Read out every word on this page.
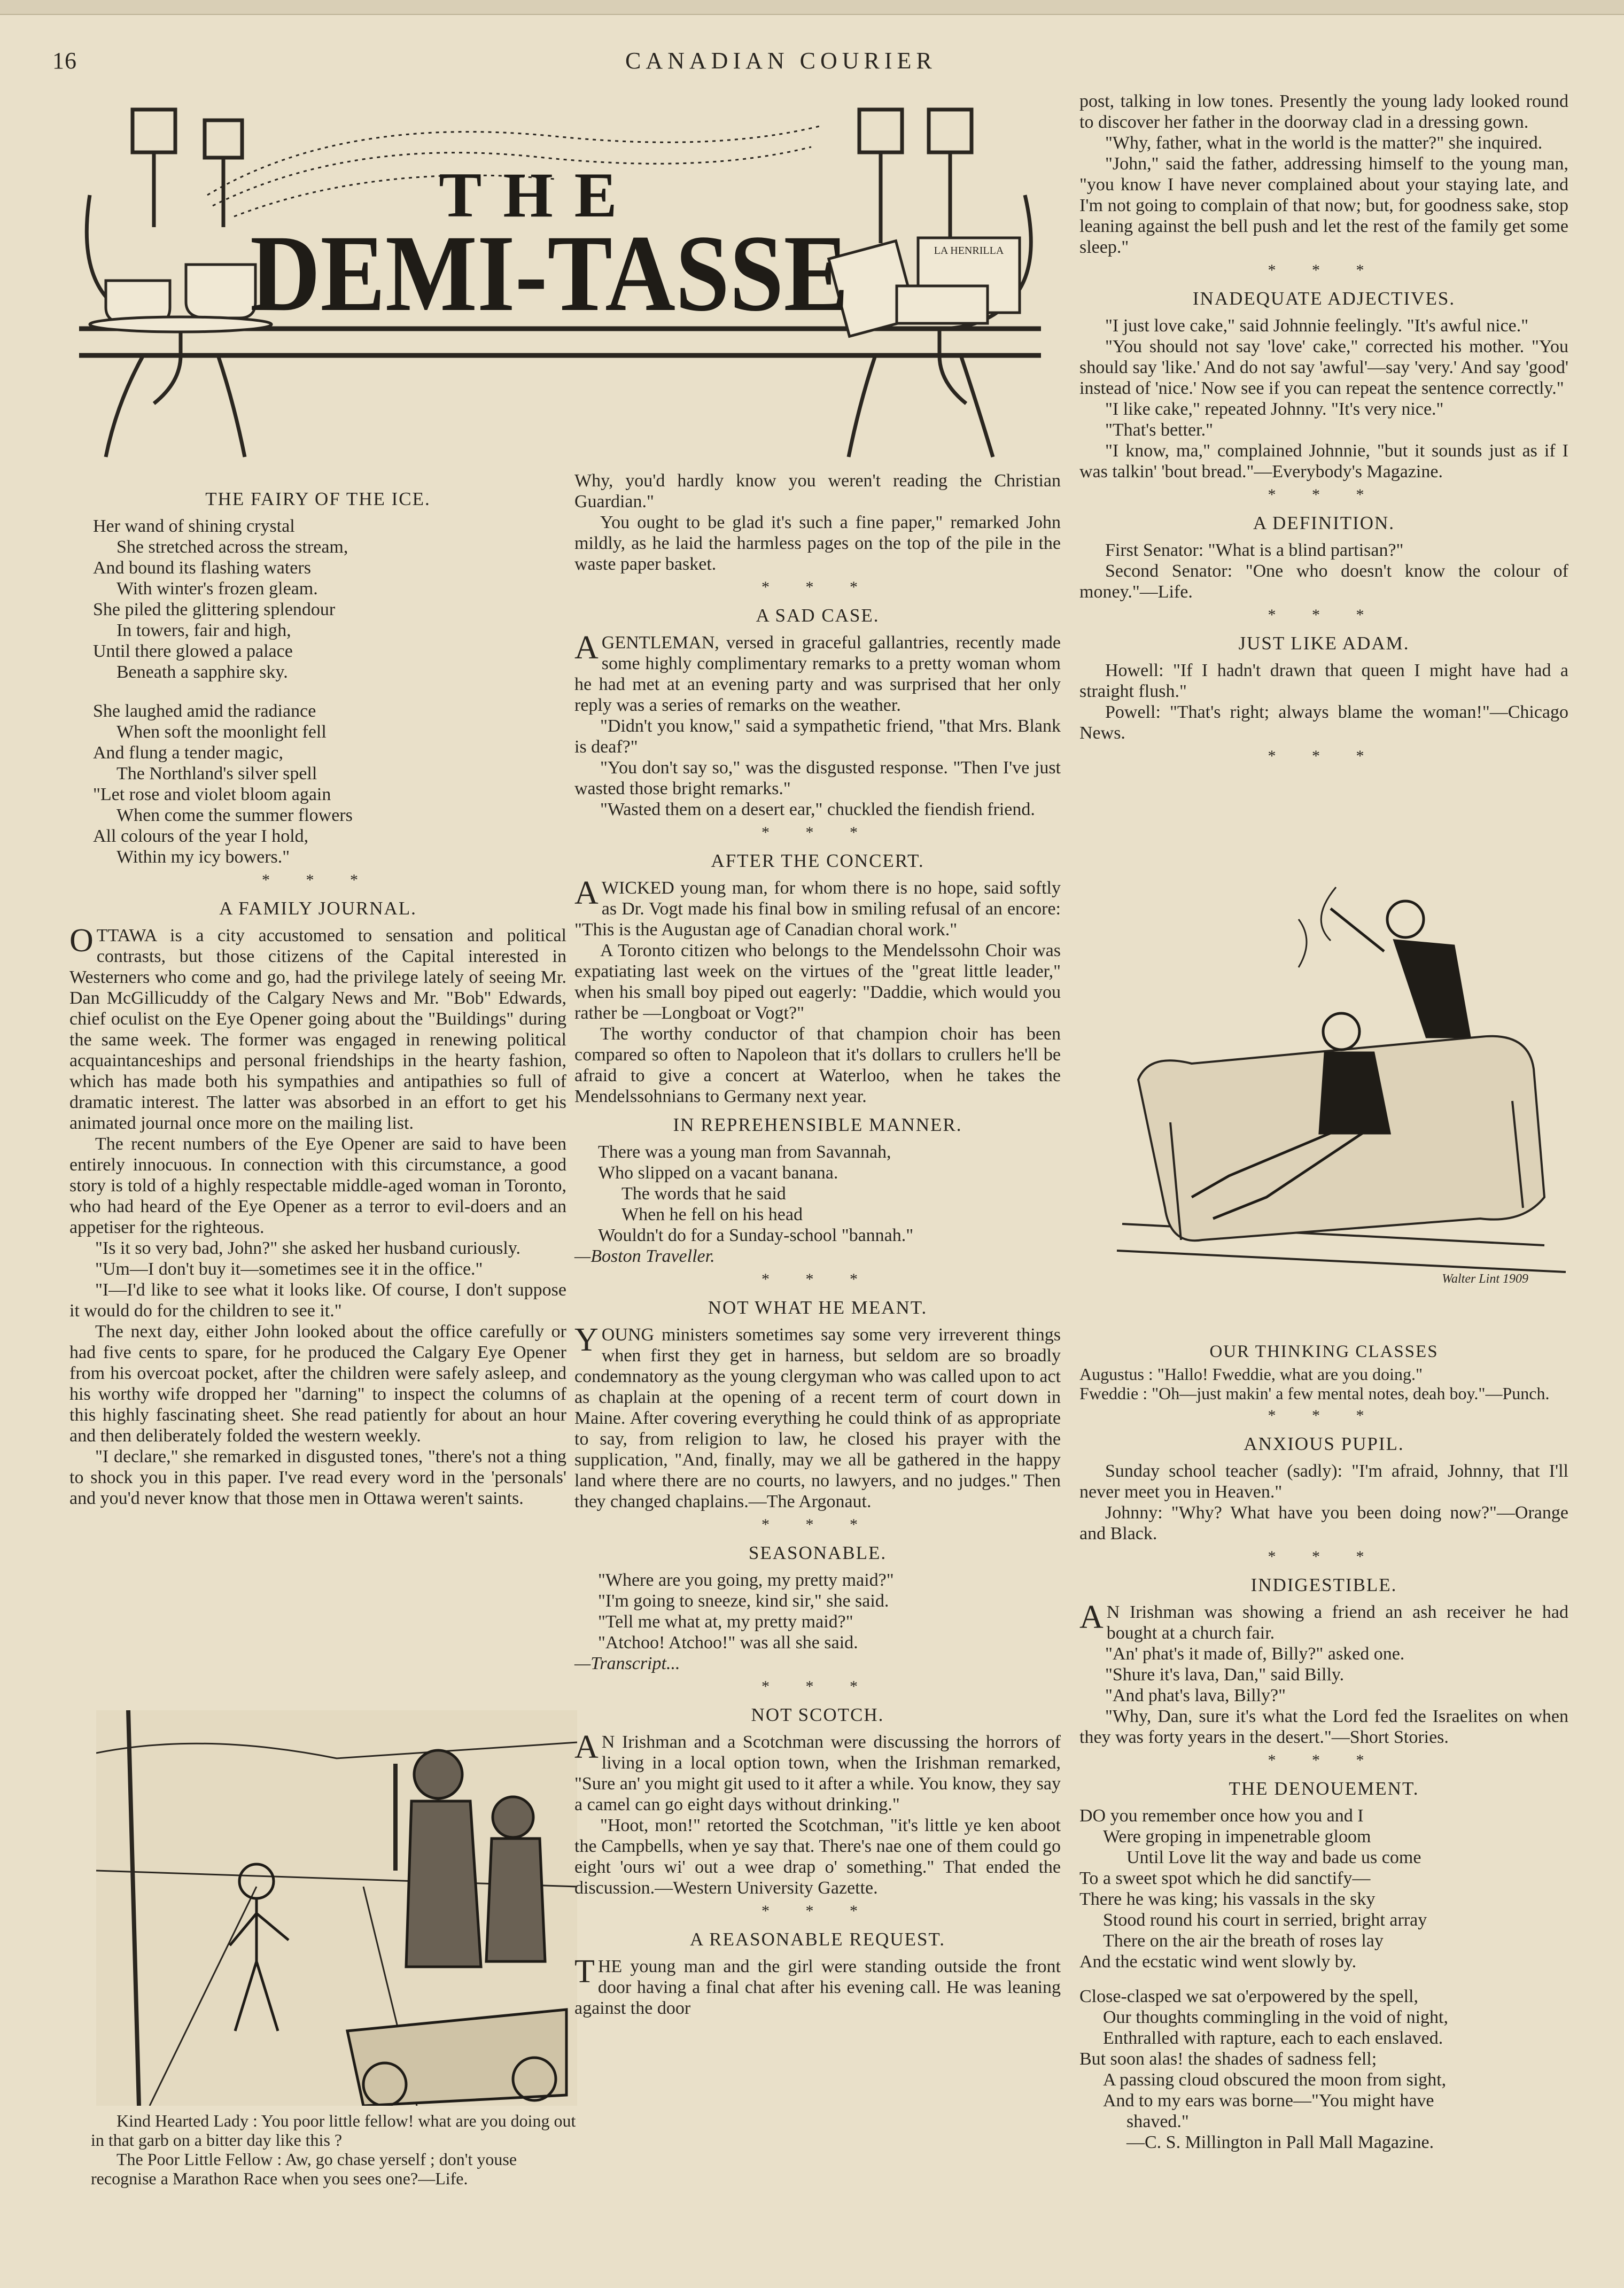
16	CANADIAN COURIER
LA HENRILLA
THE
DEMI-TASSE
THE FAIRY OF THE ICE.

Her wand of shining crystal

She stretched across the stream,

And bound its flashing waters

With winter's frozen gleam.

She piled the glittering splendour

In towers, fair and high,

Until there glowed a palace

Beneath a sapphire sky.

She laughed amid the radiance

When soft the moonlight fell

And flung a tender magic,

The Northland's silver spell

"Let rose and violet bloom again

When come the summer flowers

All colours of the year I hold,

Within my icy bowers."

* * *
A FAMILY JOURNAL.

OTTAWA is a city accustomed to sensation and political contrasts, but those citizens of the Capital interested in Westerners who come and go, had the privilege lately of seeing Mr. Dan McGillicuddy of the Calgary News and Mr. "Bob" Edwards, chief oculist on the Eye Opener going about the "Buildings" during the same week. The former was engaged in renewing political acquaintanceships and personal friendships in the hearty fashion, which has made both his sympathies and antipathies so full of dramatic interest. The latter was absorbed in an effort to get his animated journal once more on the mailing list.

The recent numbers of the Eye Opener are said to have been entirely innocuous. In connection with this circumstance, a good story is told of a highly respectable middle-aged woman in Toronto, who had heard of the Eye Opener as a terror to evil-doers and an appetiser for the righteous.

"Is it so very bad, John?" she asked her husband curiously.

"Um—I don't buy it—sometimes see it in the office."

"I—I'd like to see what it looks like. Of course, I don't suppose it would do for the children to see it."

The next day, either John looked about the office carefully or had five cents to spare, for he produced the Calgary Eye Opener from his overcoat pocket, after the children were safely asleep, and his worthy wife dropped her "darning" to inspect the columns of this highly fascinating sheet. She read patiently for about an hour and then deliberately folded the western weekly.

"I declare," she remarked in disgusted tones, "there's not a thing to shock you in this paper. I've read every word in the 'personals' and you'd never know that those men in Ottawa weren't saints.

Kind Hearted Lady : You poor little fellow! what are you doing out in that garb on a bitter day like this ?

The Poor Little Fellow : Aw, go chase yerself ; don't youse recognise a Marathon Race when you sees one?—Life.

Why, you'd hardly know you weren't reading the Christian Guardian."

You ought to be glad it's such a fine paper," remarked John mildly, as he laid the harmless pages on the top of the pile in the waste paper basket.

* * *
A SAD CASE.

AGENTLEMAN, versed in graceful gallantries, recently made some highly complimentary remarks to a pretty woman whom he had met at an evening party and was surprised that her only reply was a series of remarks on the weather.

"Didn't you know," said a sympathetic friend, "that Mrs. Blank is deaf?"

"You don't say so," was the disgusted response. "Then I've just wasted those bright remarks."

"Wasted them on a desert ear," chuckled the fiendish friend.

* * *
AFTER THE CONCERT.

AWICKED young man, for whom there is no hope, said softly as Dr. Vogt made his final bow in smiling refusal of an encore: "This is the Augustan age of Canadian choral work."

A Toronto citizen who belongs to the Mendelssohn Choir was expatiating last week on the virtues of the "great little leader," when his small boy piped out eagerly: "Daddie, which would you rather be —Longboat or Vogt?"

The worthy conductor of that champion choir has been compared so often to Napoleon that it's dollars to crullers he'll be afraid to give a concert at Waterloo, when he takes the Mendelssohnians to Germany next year.

IN REPREHENSIBLE MANNER.

There was a young man from Savannah,

Who slipped on a vacant banana.

The words that he said

When he fell on his head

Wouldn't do for a Sunday-school "bannah."

—Boston Traveller.

* * *
NOT WHAT HE MEANT.

YOUNG ministers sometimes say some very irreverent things when first they get in harness, but seldom are so broadly condemnatory as the young clergyman who was called upon to act as chaplain at the opening of a recent term of court down in Maine. After covering everything he could think of as appropriate to say, from religion to law, he closed his prayer with the supplication, "And, finally, may we all be gathered in the happy land where there are no courts, no lawyers, and no judges." Then they changed chaplains.—The Argonaut.

* * *
SEASONABLE.

"Where are you going, my pretty maid?"

"I'm going to sneeze, kind sir," she said.

"Tell me what at, my pretty maid?"

"Atchoo! Atchoo!" was all she said.

—Transcript...

* * *
NOT SCOTCH.

AN Irishman and a Scotchman were discussing the horrors of living in a local option town, when the Irishman remarked, "Sure an' you might git used to it after a while. You know, they say a camel can go eight days without drinking."

"Hoot, mon!" retorted the Scotchman, "it's little ye ken aboot the Campbells, when ye say that. There's nae one of them could go eight 'ours wi' out a wee drap o' something." That ended the discussion.—Western University Gazette.

* * *
A REASONABLE REQUEST.

THE young man and the girl were standing outside the front door having a final chat after his evening call. He was leaning against the door

post, talking in low tones. Presently the young lady looked round to discover her father in the doorway clad in a dressing gown.

"Why, father, what in the world is the matter?" she inquired.

"John," said the father, addressing himself to the young man, "you know I have never complained about your staying late, and I'm not going to complain of that now; but, for goodness sake, stop leaning against the bell push and let the rest of the family get some sleep."

* * *
INADEQUATE ADJECTIVES.

"I just love cake," said Johnnie feelingly. "It's awful nice."

"You should not say 'love' cake," corrected his mother. "You should say 'like.' And do not say 'awful'—say 'very.' And say 'good' instead of 'nice.' Now see if you can repeat the sentence correctly."

"I like cake," repeated Johnny. "It's very nice."

"That's better."

"I know, ma," complained Johnnie, "but it sounds just as if I was talkin' 'bout bread."—Everybody's Magazine.

* * *
A DEFINITION.

First Senator: "What is a blind partisan?"

Second Senator: "One who doesn't know the colour of money."—Life.

* * *
JUST LIKE ADAM.

Howell: "If I hadn't drawn that queen I might have had a straight flush."

Powell: "That's right; always blame the woman!"—Chicago News.

* * *
Walter Lint 1909
OUR THINKING CLASSES

Augustus : "Hallo! Fweddie, what are you doing."

Fweddie : "Oh—just makin' a few mental notes, deah boy."—Punch.

* * *
ANXIOUS PUPIL.

Sunday school teacher (sadly): "I'm afraid, Johnny, that I'll never meet you in Heaven."

Johnny: "Why? What have you been doing now?"—Orange and Black.

* * *
INDIGESTIBLE.

AN Irishman was showing a friend an ash receiver he had bought at a church fair.

"An' phat's it made of, Billy?" asked one.

"Shure it's lava, Dan," said Billy.

"And phat's lava, Billy?"

"Why, Dan, sure it's what the Lord fed the Israelites on when they was forty years in the desert."—Short Stories.

* * *
THE DENOUEMENT.

DO you remember once how you and I

Were groping in impenetrable gloom

Until Love lit the way and bade us come

To a sweet spot which he did sanctify—

There he was king; his vassals in the sky

Stood round his court in serried, bright array

There on the air the breath of roses lay

And the ecstatic wind went slowly by.

Close-clasped we sat o'erpowered by the spell,

Our thoughts commingling in the void of night,

Enthralled with rapture, each to each enslaved.

But soon alas! the shades of sadness fell;

A passing cloud obscured the moon from sight,

And to my ears was borne—"You might have

shaved."

—C. S. Millington in Pall Mall Magazine.
